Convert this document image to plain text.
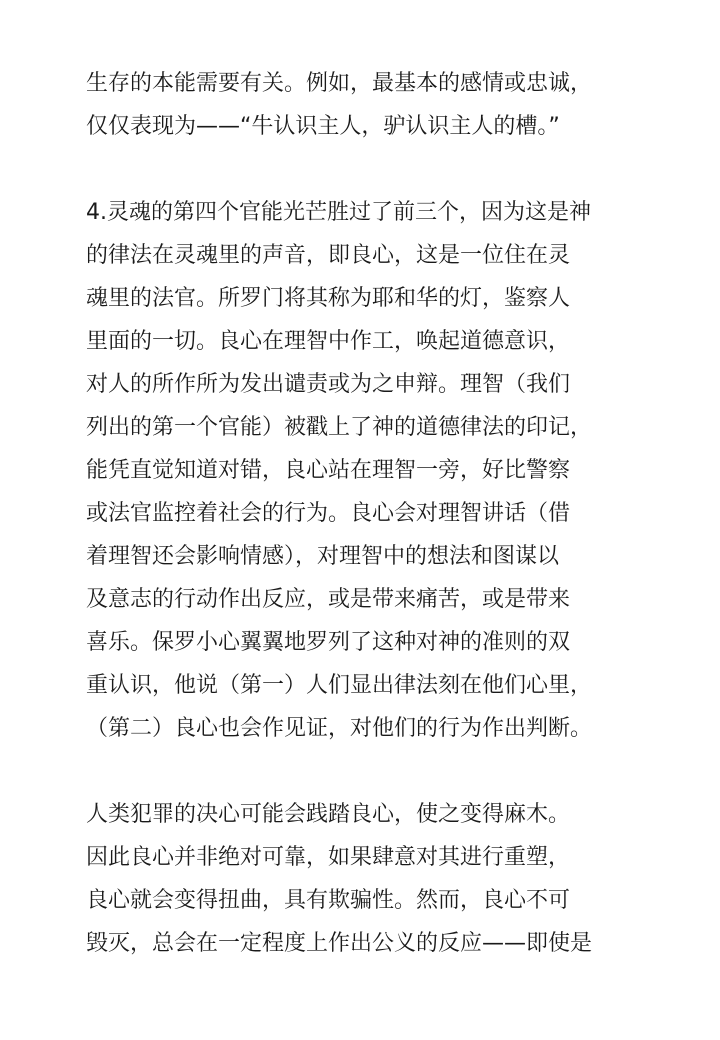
生存的本能需要有关。例如，最基本的感情或忠诚，
仅仅表现为——“牛认识主人，驴认识主人的槽。”
4.灵魂的第四个官能光芒胜过了前三个，因为这是神
的律法在灵魂里的声音，即良心，这是一位住在灵
魂里的法官。所罗门将其称为耶和华的灯，鉴察人
里面的一切。良心在理智中作工，唤起道德意识，
对人的所作所为发出谴责或为之申辩。理智（我们
列出的第一个官能）被戳上了神的道德律法的印记，
能凭直觉知道对错，良心站在理智一旁，好比警察
或法官监控着社会的行为。良心会对理智讲话（借
着理智还会影响情感），对理智中的想法和图谋以
及意志的行动作出反应，或是带来痛苦，或是带来
喜乐。保罗小心翼翼地罗列了这种对神的准则的双
重认识，他说（第一）人们显出律法刻在他们心里，
（第二）良心也会作见证，对他们的行为作出判断。
人类犯罪的决心可能会践踏良心，使之变得麻木。
因此良心并非绝对可靠，如果肆意对其进行重塑，
良心就会变得扭曲，具有欺骗性。然而，良心不可
毁灭，总会在一定程度上作出公义的反应——即使是
